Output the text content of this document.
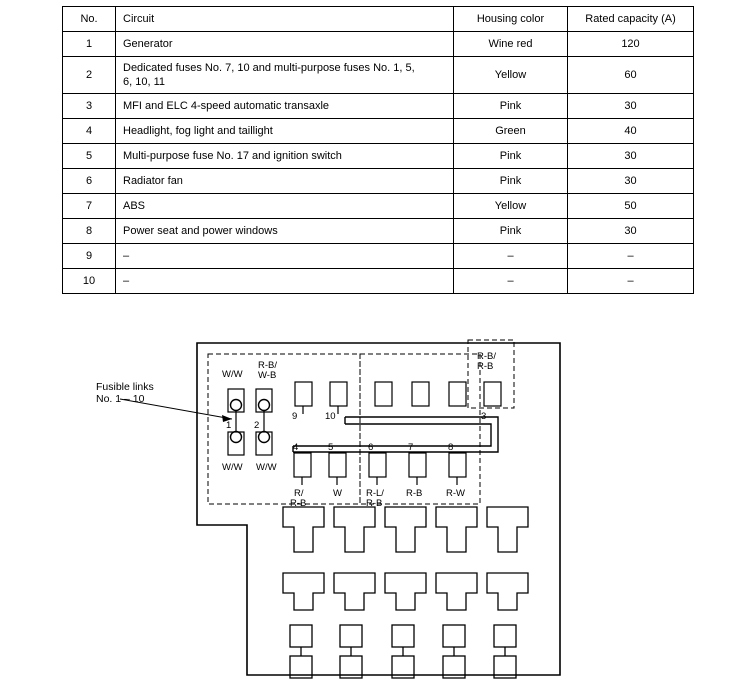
No.	Circuit	Housing color	Rated capacity (A)
1	Generator	Wine red	120
2	Dedicated fuses No. 7, 10 and multi-purpose fuses No. 1, 5,
6, 10, 11	Yellow	60
3	MFI and ELC 4-speed automatic transaxle	Pink	30
4	Headlight, fog light and taillight	Green	40
5	Multi-purpose fuse No. 17 and ignition switch	Pink	30
6	Radiator fan	Pink	30
7	ABS	Yellow	50
8	Power seat and power windows	Pink	30
9	–	–	–
10	–	–	–
Fusible links
No. 1 – 10
1
W/W
W/W
2
R-B/
W-B
W/W
9	10	3
R-B/
R-B
4
R/
R-B
5
W
6
R-L/
R-B
7
R-B
8
R-W
